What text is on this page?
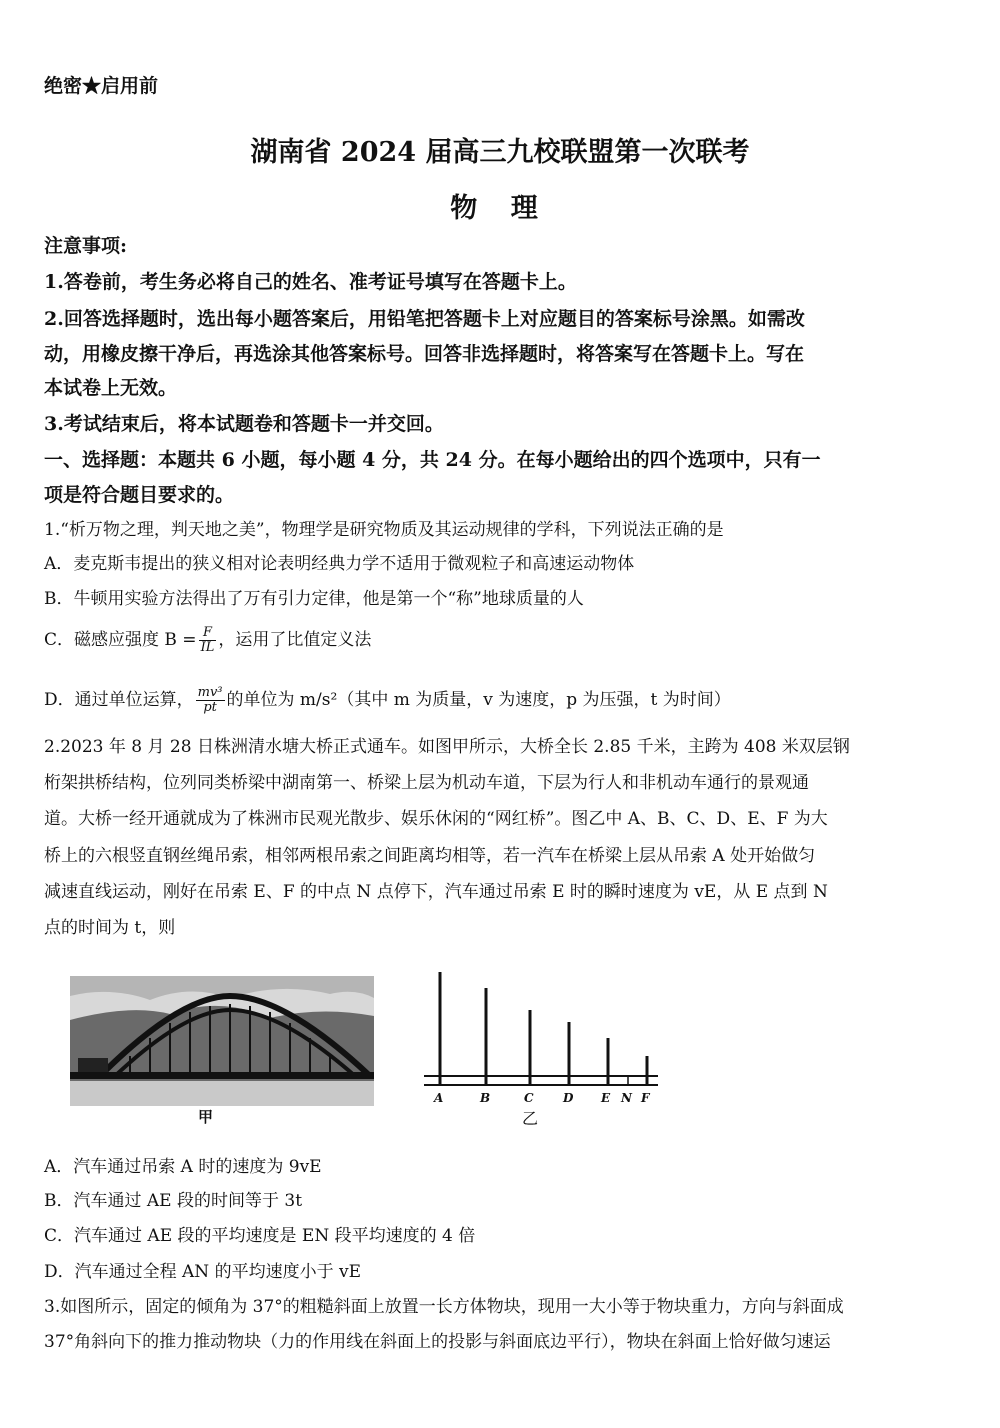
绝密★启用前
湖南省 2024 届高三九校联盟第一次联考
物 理
注意事项:
1.答卷前，考生务必将自己的姓名、准考证号填写在答题卡上。
2.回答选择题时，选出每小题答案后，用铅笔把答题卡上对应题目的答案标号涂黑。如需改
动，用橡皮擦干净后，再选涂其他答案标号。回答非选择题时，将答案写在答题卡上。写在
本试卷上无效。
3.考试结束后，将本试题卷和答题卡一并交回。
一、选择题：本题共 6 小题，每小题 4 分，共 24 分。在每小题给出的四个选项中，只有一
项是符合题目要求的。
1.“析万物之理，判天地之美”，物理学是研究物质及其运动规律的学科，下列说法正确的是
A．麦克斯韦提出的狭义相对论表明经典力学不适用于微观粒子和高速运动物体
B．牛顿用实验方法得出了万有引力定律，他是第一个“称”地球质量的人
C．磁感应强度 $B = \frac{F}{IL}$ ，运用了比值定义法
D．通过单位运算， $\frac{\text{mv³}}{pt}$ 的单位为 m/s²（其中 m 为质量，v 为速度，p 为压强，t 为时间）
2.2023 年 8 月 28 日株洲清水塘大桥正式通车。如图甲所示，大桥全长 2.85 千米，主跨为 408 米双层钢
桁架拱桥结构，位列同类桥梁中湖南第一、桥梁上层为机动车道，下层为行人和非机动车通行的景观通
道。大桥一经开通就成为了株洲市民观光散步、娱乐休闲的“网红桥”。图乙中 A、B、C、D、E、F 为大
桥上的六根竖直钢丝绳吊索，相邻两根吊索之间距离均相等，若一汽车在桥梁上层从吊索 A 处开始做匀
减速直线运动，刚好在吊索 E、F 的中点 N 点停下，汽车通过吊索 E 时的瞬时速度为 vE，从 E 点到 N
点的时间为 t，则
甲
A	B	C D E N F
乙
A．汽车通过吊索 A 时的速度为 9vE
B．汽车通过 AE 段的时间等于 3t
C．汽车通过 AE 段的平均速度是 EN 段平均速度的 4 倍
D．汽车通过全程 AN 的平均速度小于 vE
3.如图所示，固定的倾角为 37°的粗糙斜面上放置一长方体物块，现用一大小等于物块重力，方向与斜面成
37°角斜向下的推力推动物块（力的作用线在斜面上的投影与斜面底边平行），物块在斜面上恰好做匀速运
